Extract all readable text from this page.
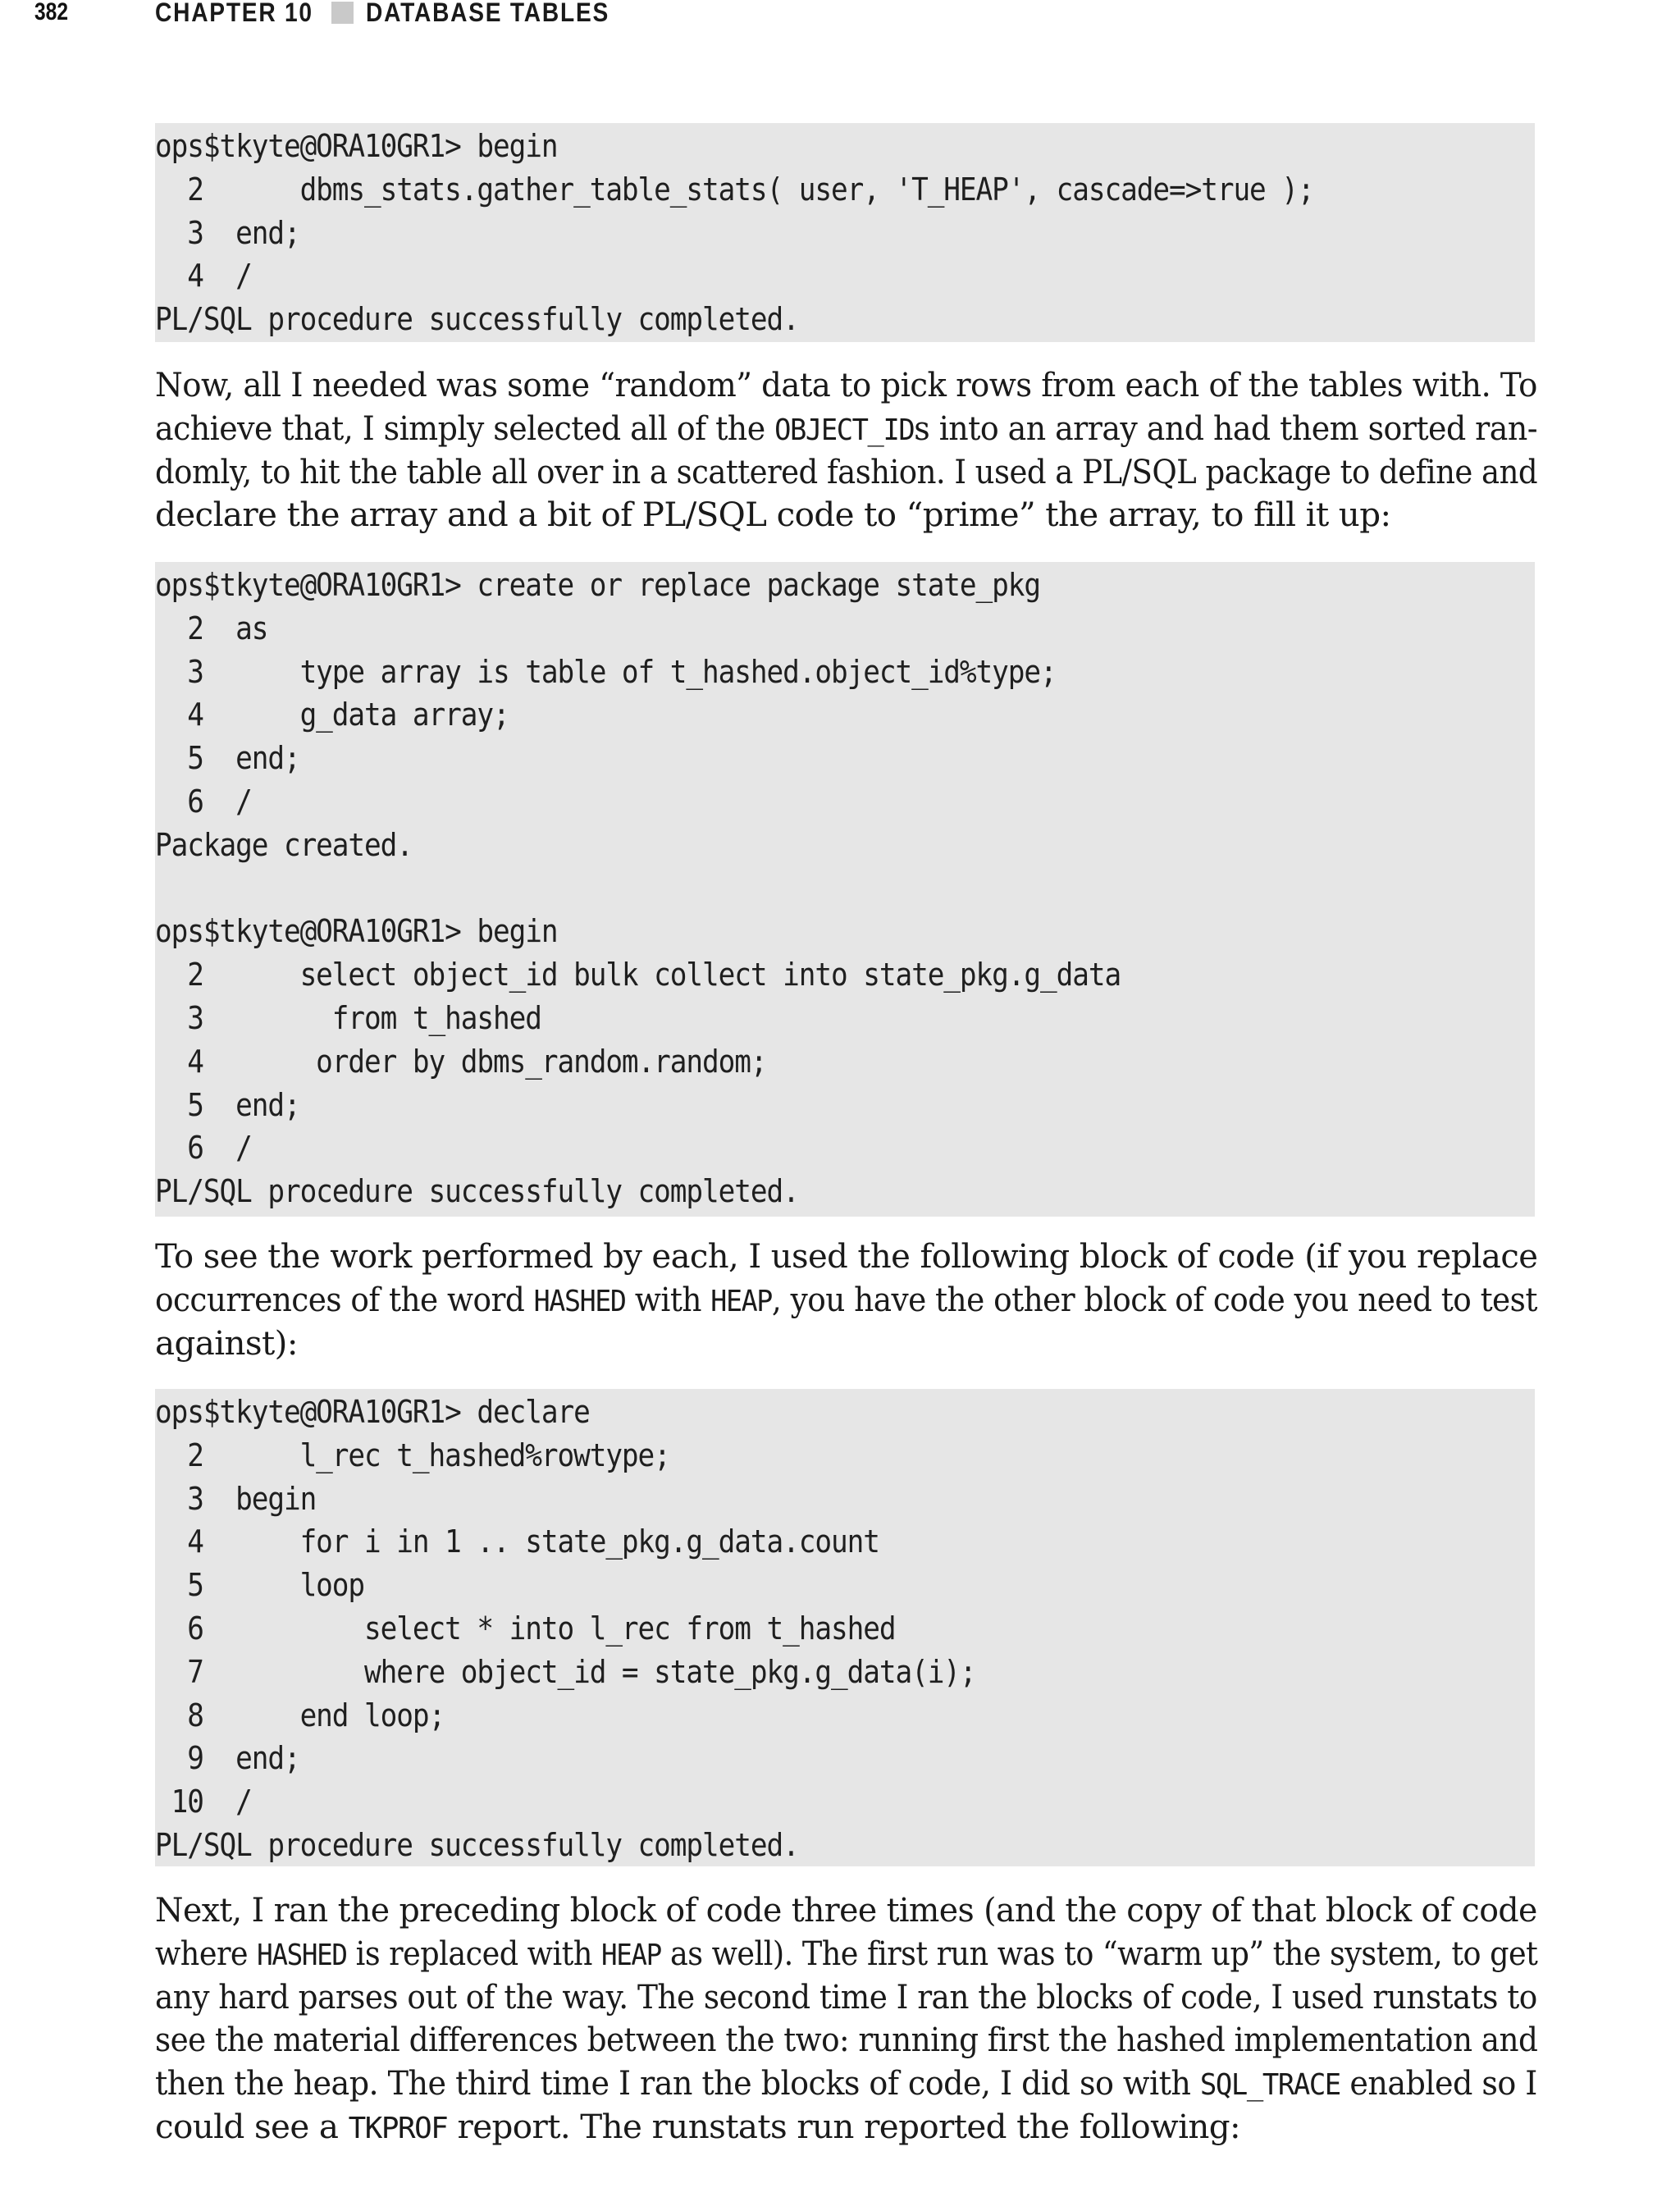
382	CHAPTER 10 DATABASE TABLES
ops$tkyte@ORA10GR1> begin
2      dbms_stats.gather_table_stats( user, 'T_HEAP', cascade=>true );
3  end;
4  /
PL/SQL procedure successfully completed.
Now, all I needed was some “random” data to pick rows from each of the tables with. To
achieve that, I simply selected all of the OBJECT_IDs into an array and had them sorted ran-
domly, to hit the table all over in a scattered fashion. I used a PL/SQL package to define and
declare the array and a bit of PL/SQL code to “prime” the array, to fill it up:
ops$tkyte@ORA10GR1> create or replace package state_pkg
2  as
3      type array is table of t_hashed.object_id%type;
4      g_data array;
5  end;
6  /
Package created.
ops$tkyte@ORA10GR1> begin
2      select object_id bulk collect into state_pkg.g_data
3        from t_hashed
4       order by dbms_random.random;
5  end;
6  /
PL/SQL procedure successfully completed.
To see the work performed by each, I used the following block of code (if you replace
occurrences of the word HASHED with HEAP, you have the other block of code you need to test
against):
ops$tkyte@ORA10GR1> declare
2      l_rec t_hashed%rowtype;
3  begin
4      for i in 1 .. state_pkg.g_data.count
5      loop
6          select * into l_rec from t_hashed
7          where object_id = state_pkg.g_data(i);
8      end loop;
9  end;
10  /
PL/SQL procedure successfully completed.
Next, I ran the preceding block of code three times (and the copy of that block of code
where HASHED is replaced with HEAP as well). The first run was to “warm up” the system, to get
any hard parses out of the way. The second time I ran the blocks of code, I used runstats to
see the material differences between the two: running first the hashed implementation and
then the heap. The third time I ran the blocks of code, I did so with SQL_TRACE enabled so I
could see a TKPROF report. The runstats run reported the following:
